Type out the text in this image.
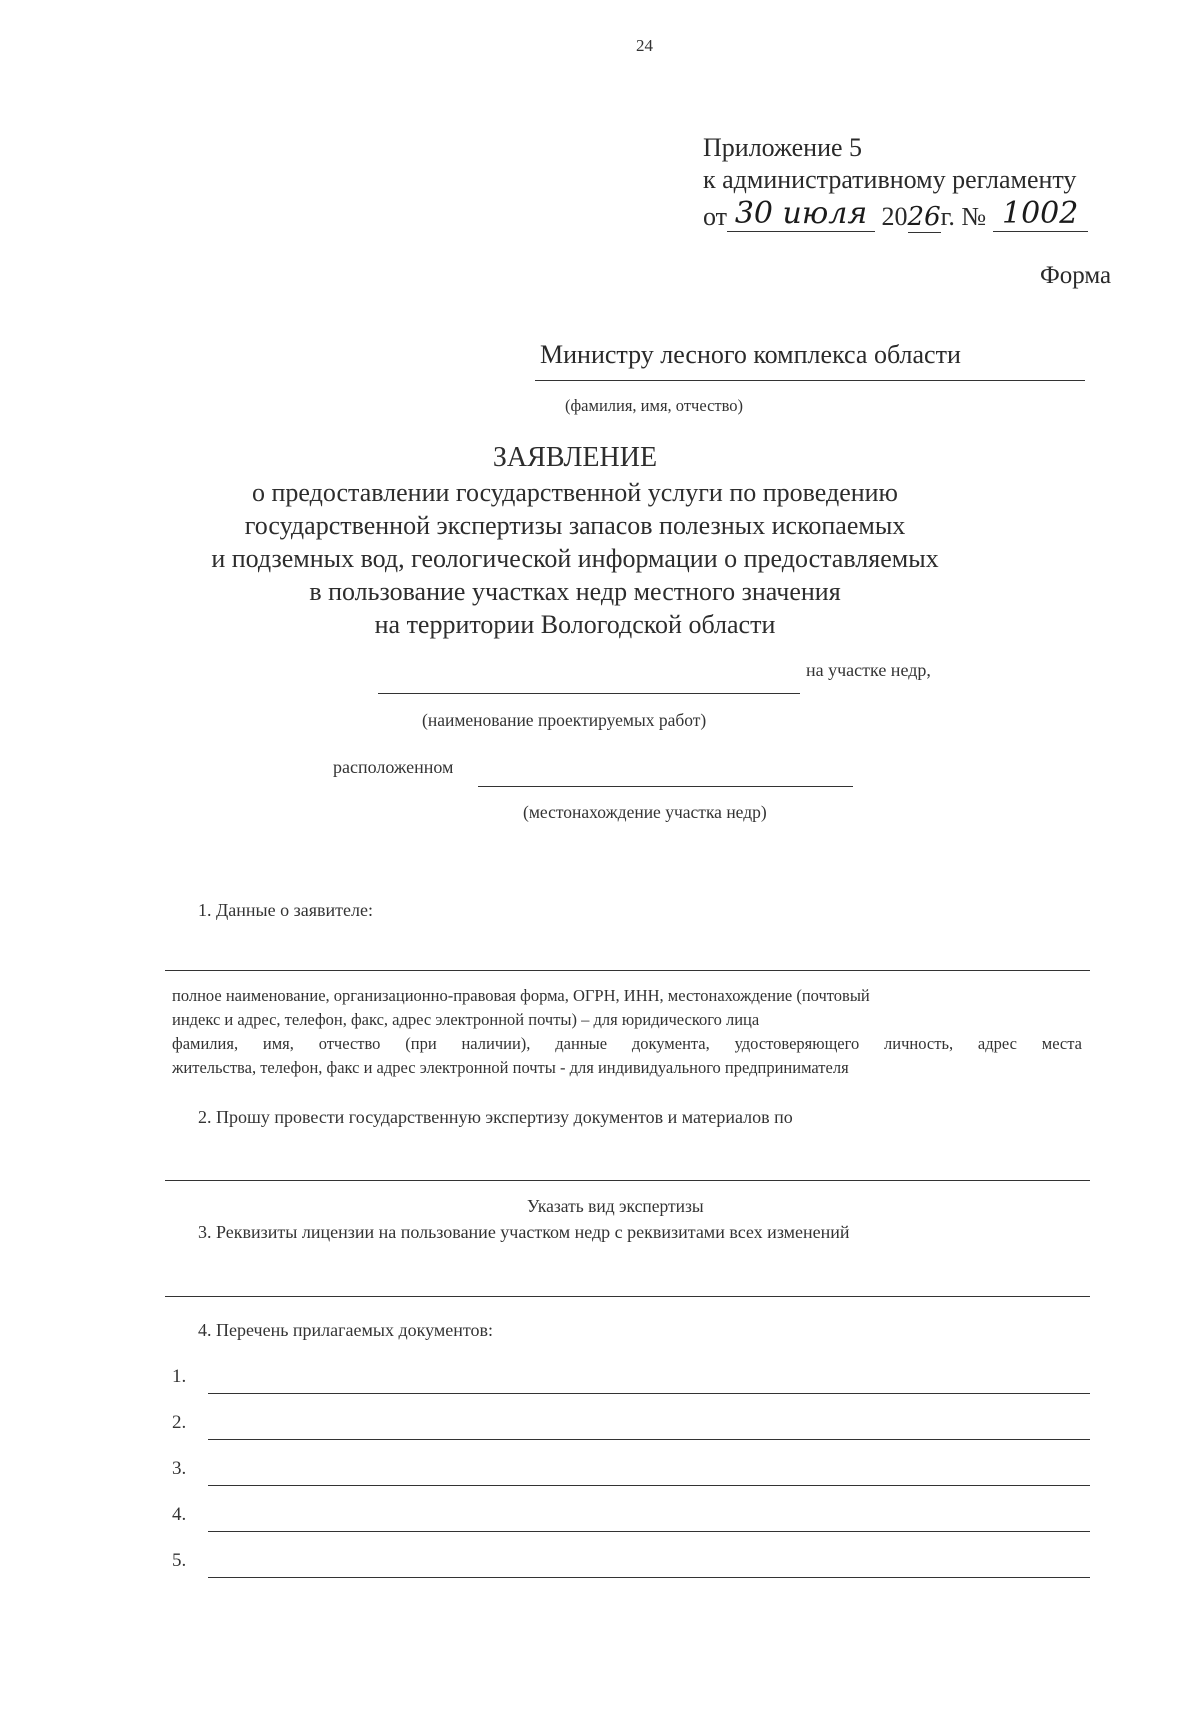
24
Приложение 5
к административному регламенту
от 30 июля 2026г. № 1002
Форма
Министру лесного комплекса области
(фамилия, имя, отчество)
ЗАЯВЛЕНИЕ
о предоставлении государственной услуги по проведению
государственной экспертизы запасов полезных ископаемых
и подземных вод, геологической информации о предоставляемых
в пользование участках недр местного значения
на территории Вологодской области
на участке недр,
(наименование проектируемых работ)
расположенном
(местонахождение участка недр)
1. Данные о заявителе:
полное наименование, организационно-правовая форма, ОГРН, ИНН, местонахождение (почтовый
индекс и адрес, телефон, факс, адрес электронной почты) – для юридического лица
фамилия, имя, отчество (при наличии), данные документа, удостоверяющего личность, адрес места
жительства, телефон, факс и адрес электронной почты - для индивидуального предпринимателя
2. Прошу провести государственную экспертизу документов и материалов по
Указать вид экспертизы
3. Реквизиты лицензии на пользование участком недр с реквизитами всех изменений
4. Перечень прилагаемых документов:
1.
2.
3.
4.
5.
